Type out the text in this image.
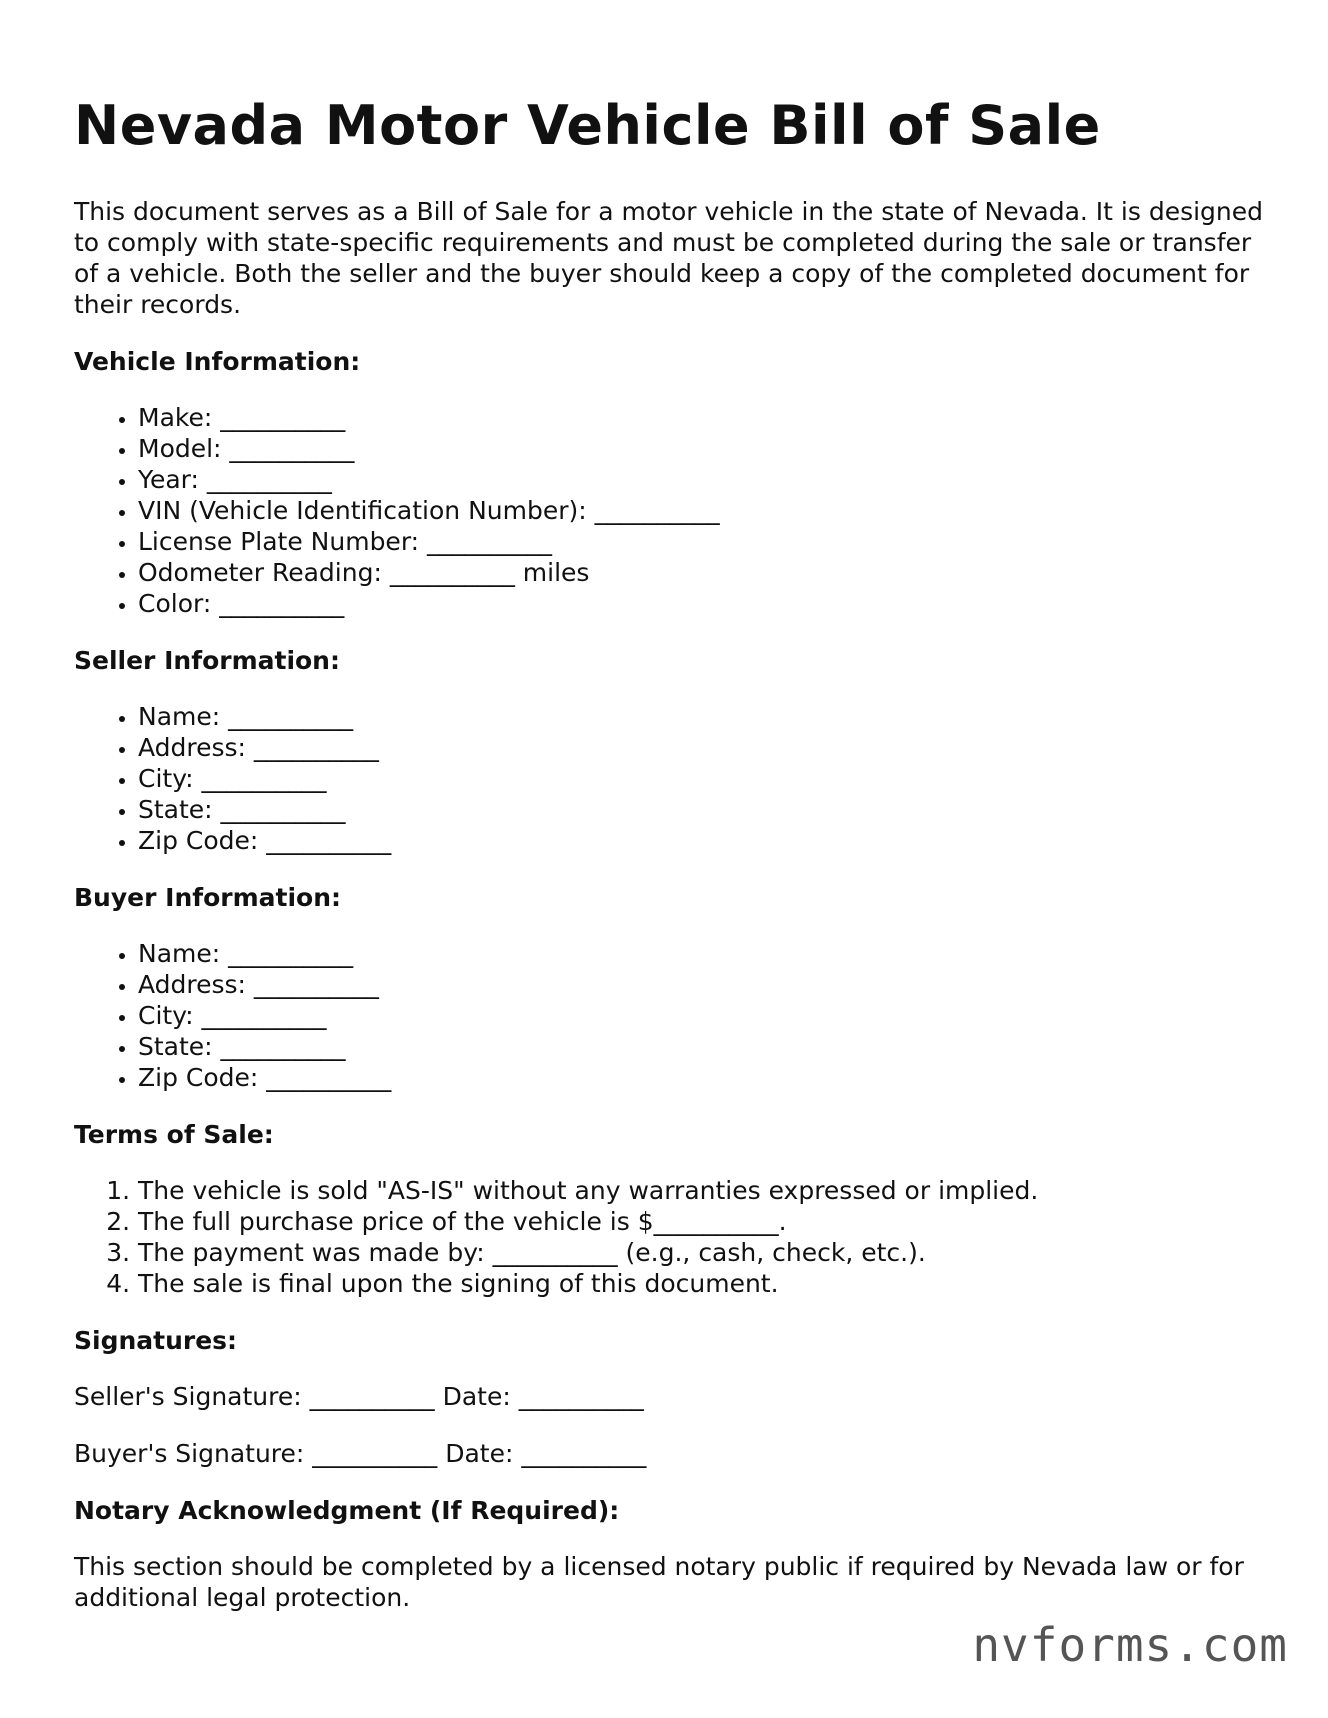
Nevada Motor Vehicle Bill of Sale

This document serves as a Bill of Sale for a motor vehicle in the state of Nevada. It is designed to comply with state-specific requirements and must be completed during the sale or transfer of a vehicle. Both the seller and the buyer should keep a copy of the completed document for their records.

Vehicle Information:
• Make: __________
• Model: __________
• Year: __________
• VIN (Vehicle Identification Number): __________
• License Plate Number: __________
• Odometer Reading: __________ miles
• Color: __________
Seller Information:
• Name: __________
• Address: __________
• City: __________
• State: __________
• Zip Code: __________
Buyer Information:
• Name: __________
• Address: __________
• City: __________
• State: __________
• Zip Code: __________
Terms of Sale:
1. The vehicle is sold "AS-IS" without any warranties expressed or implied.
2. The full purchase price of the vehicle is $__________.
3. The payment was made by: __________ (e.g., cash, check, etc.).
4. The sale is final upon the signing of this document.
Signatures:

Seller's Signature: __________ Date: __________

Buyer's Signature: __________ Date: __________

Notary Acknowledgment (If Required):

This section should be completed by a licensed notary public if required by Nevada law or for additional legal protection.

nvforms.com
